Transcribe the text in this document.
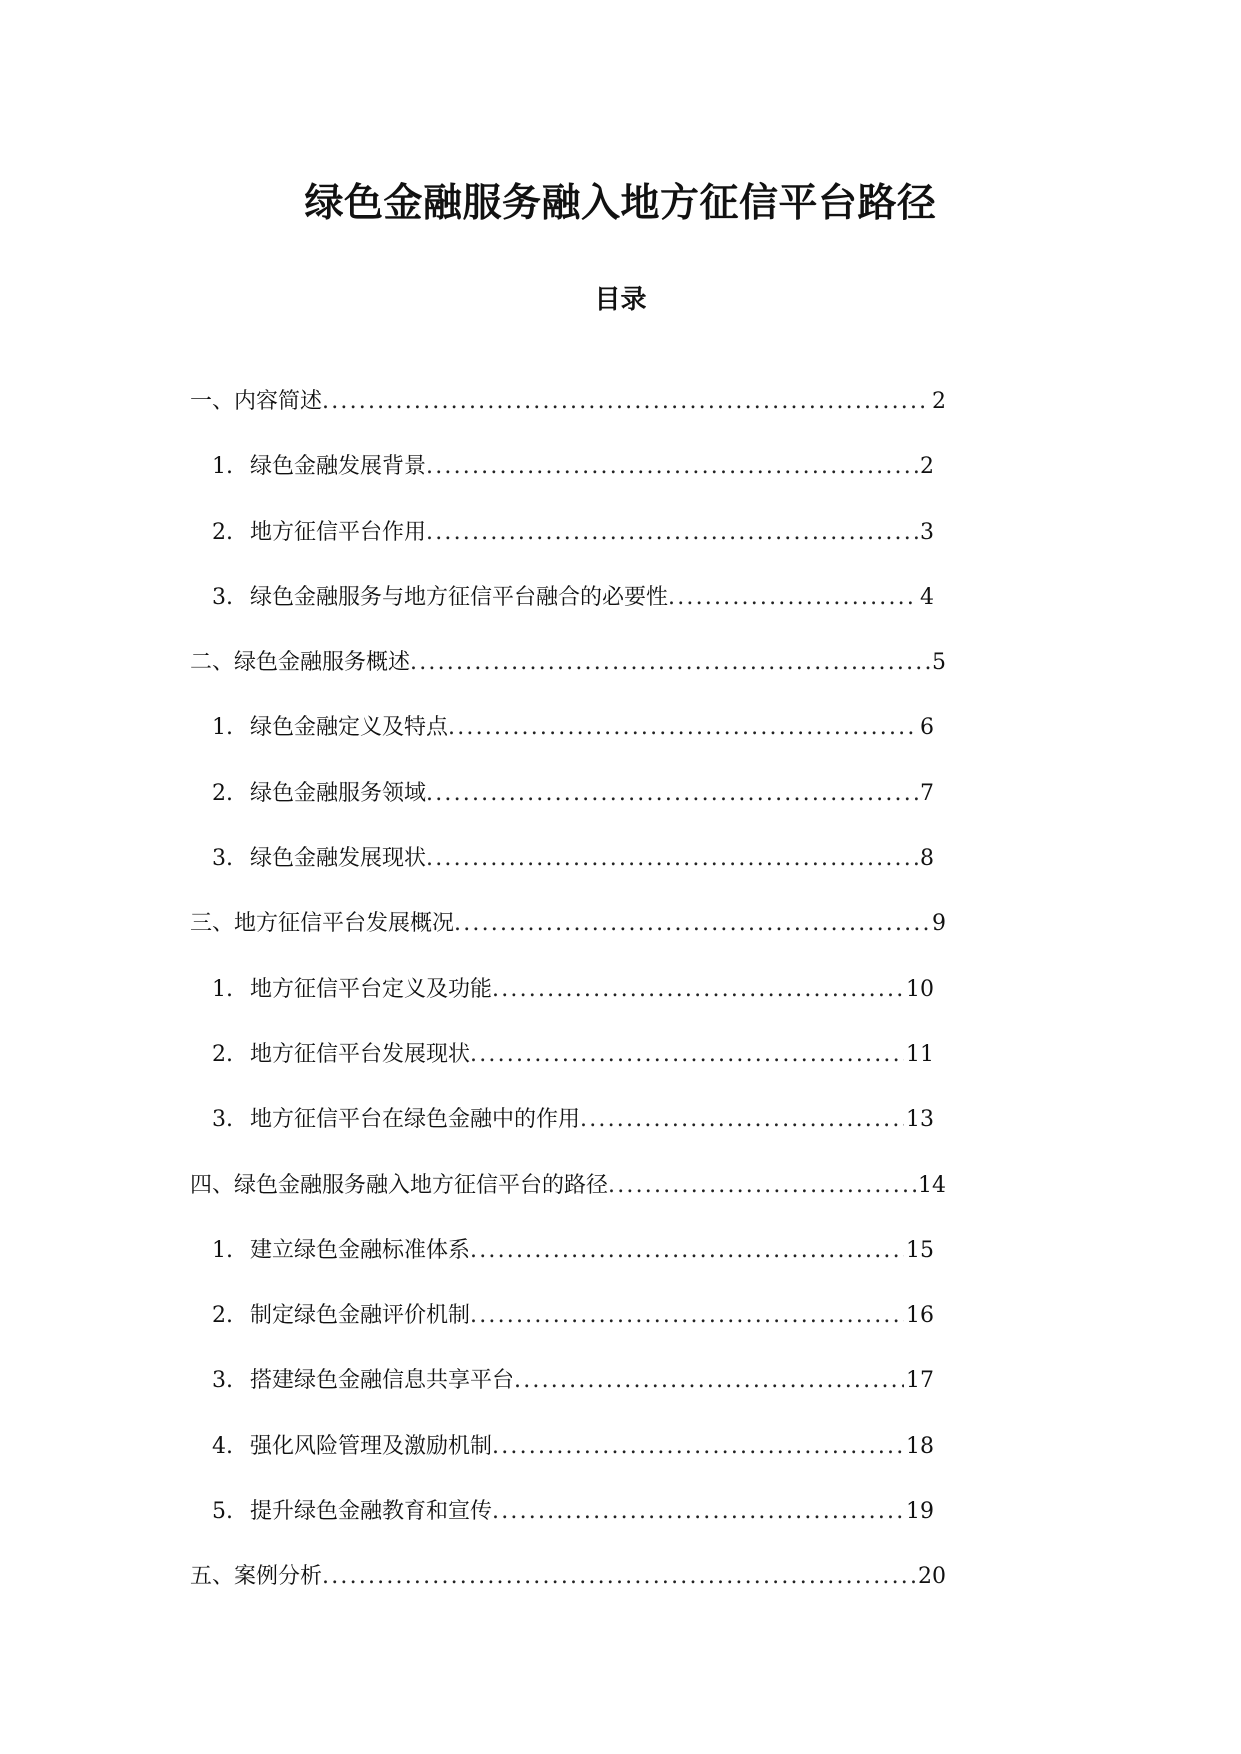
绿色金融服务融入地方征信平台路径
目录
一、内容简述 . . .	2
1. 绿色金融发展背景 . . .	2
2. 地方征信平台作用 . . .	3
3. 绿色金融服务与地方征信平台融合的必要性 . . .	4
二、绿色金融服务概述 . . .	5
1. 绿色金融定义及特点 . . .	6
2. 绿色金融服务领域 . . .	7
3. 绿色金融发展现状 . . .	8
三、地方征信平台发展概况 . . .	9
1. 地方征信平台定义及功能 . . .	10
2. 地方征信平台发展现状 . . .	11
3. 地方征信平台在绿色金融中的作用 . . .	13
四、绿色金融服务融入地方征信平台的路径 . . .	14
1. 建立绿色金融标准体系 . . .	15
2. 制定绿色金融评价机制 . . .	16
3. 搭建绿色金融信息共享平台 . . .	17
4. 强化风险管理及激励机制 . . .	18
5. 提升绿色金融教育和宣传 . . .	19
五、案例分析 . . .	20
